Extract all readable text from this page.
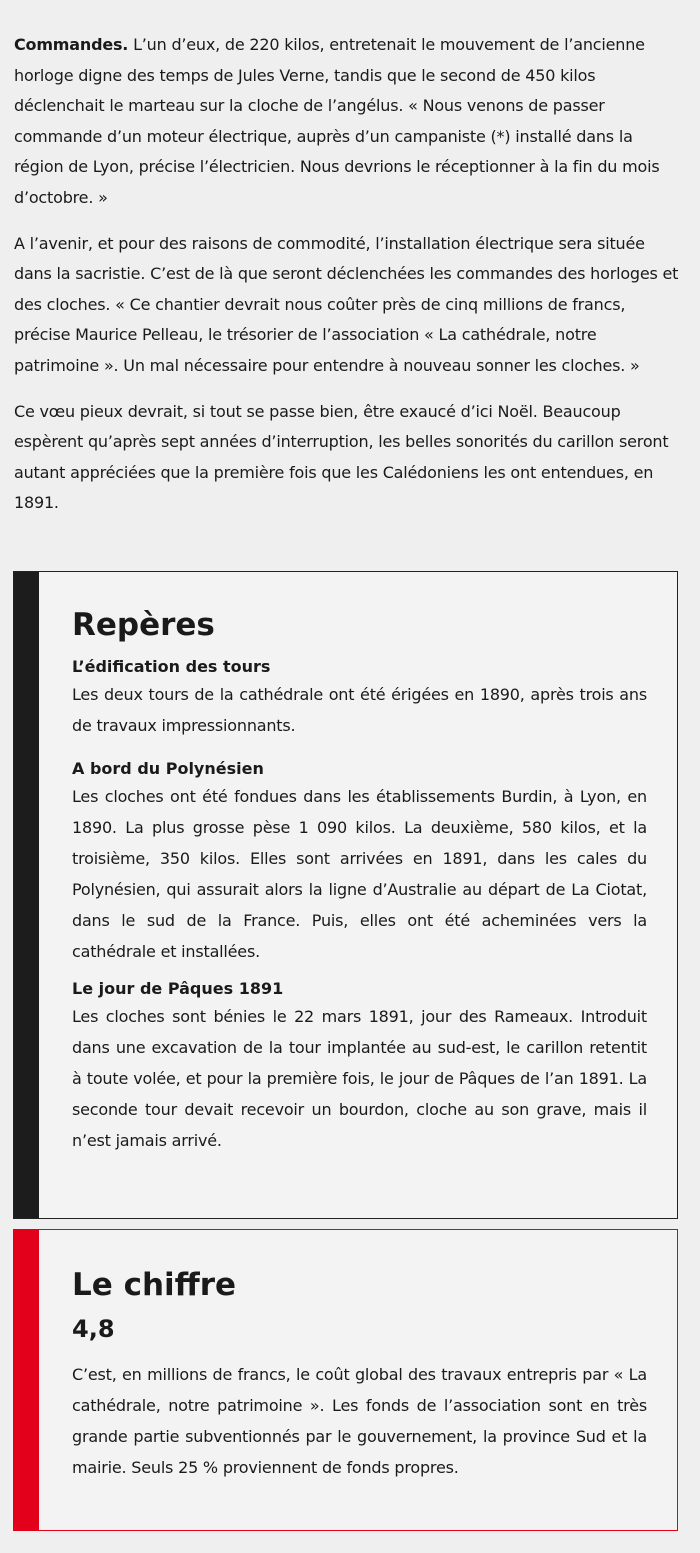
Commandes. L’un d’eux, de 220 kilos, entretenait le mouvement de l’ancienne horloge digne des temps de Jules Verne, tandis que le second de 450 kilos déclenchait le marteau sur la cloche de l’angélus. « Nous venons de passer commande d’un moteur électrique, auprès d’un campaniste (*) installé dans la région de Lyon, précise l’électricien. Nous devrions le réceptionner à la fin du mois d’octobre. »

A l’avenir, et pour des raisons de commodité, l’installation électrique sera située dans la sacristie. C’est de là que seront déclenchées les commandes des horloges et des cloches. « Ce chantier devrait nous coûter près de cinq millions de francs, précise Maurice Pelleau, le trésorier de l’association « La cathédrale, notre patrimoine ». Un mal nécessaire pour entendre à nouveau sonner les cloches. »

Ce vœu pieux devrait, si tout se passe bien, être exaucé d’ici Noël. Beaucoup espèrent qu’après sept années d’interruption, les belles sonorités du carillon seront autant appréciées que la première fois que les Calédoniens les ont entendues, en 1891.

Repères
L’édification des tours

Les deux tours de la cathédrale ont été érigées en 1890, après trois ans de travaux impressionnants.

A bord du Polynésien

Les cloches ont été fondues dans les établissements Burdin, à Lyon, en 1890. La plus grosse pèse 1 090 kilos. La deuxième, 580 kilos, et la troisième, 350 kilos. Elles sont arrivées en 1891, dans les cales du Polynésien, qui assurait alors la ligne d’Australie au départ de La Ciotat, dans le sud de la France. Puis, elles ont été acheminées vers la cathédrale et installées.

Le jour de Pâques 1891

Les cloches sont bénies le 22 mars 1891, jour des Rameaux. Introduit dans une excavation de la tour implantée au sud-est, le carillon retentit à toute volée, et pour la première fois, le jour de Pâques de l’an 1891. La seconde tour devait recevoir un bourdon, cloche au son grave, mais il n’est jamais arrivé.

Le chiffre
4,8

C’est, en millions de francs, le coût global des travaux entrepris par « La cathédrale, notre patrimoine ». Les fonds de l’association sont en très grande partie subventionnés par le gouvernement, la province Sud et la mairie. Seuls 25 % proviennent de fonds propres.
